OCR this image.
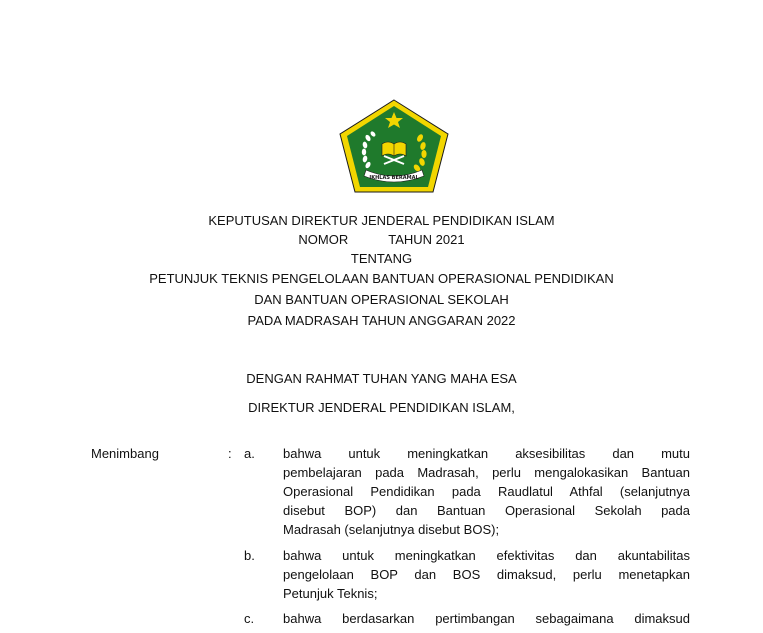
IKHLAS BERAMAL
KEPUTUSAN DIREKTUR JENDERAL PENDIDIKAN ISLAM
NOMOR	TAHUN 2021
TENTANG
PETUNJUK TEKNIS PENGELOLAAN BANTUAN OPERASIONAL PENDIDIKAN
DAN BANTUAN OPERASIONAL SEKOLAH
PADA MADRASAH TAHUN ANGGARAN 2022
DENGAN RAHMAT TUHAN YANG MAHA ESA
DIREKTUR JENDERAL PENDIDIKAN ISLAM,
Menimbang	: a. bahwa untuk meningkatkan aksesibilitas dan mutu
pembelajaran pada Madrasah, perlu mengalokasikan Bantuan
Operasional Pendidikan pada Raudlatul Athfal (selanjutnya
disebut BOP) dan Bantuan Operasional Sekolah pada
Madrasah (selanjutnya disebut BOS);
b. bahwa untuk meningkatkan efektivitas dan akuntabilitas
pengelolaan BOP dan BOS dimaksud, perlu menetapkan
Petunjuk Teknis;
c. bahwa berdasarkan pertimbangan sebagaimana dimaksud
